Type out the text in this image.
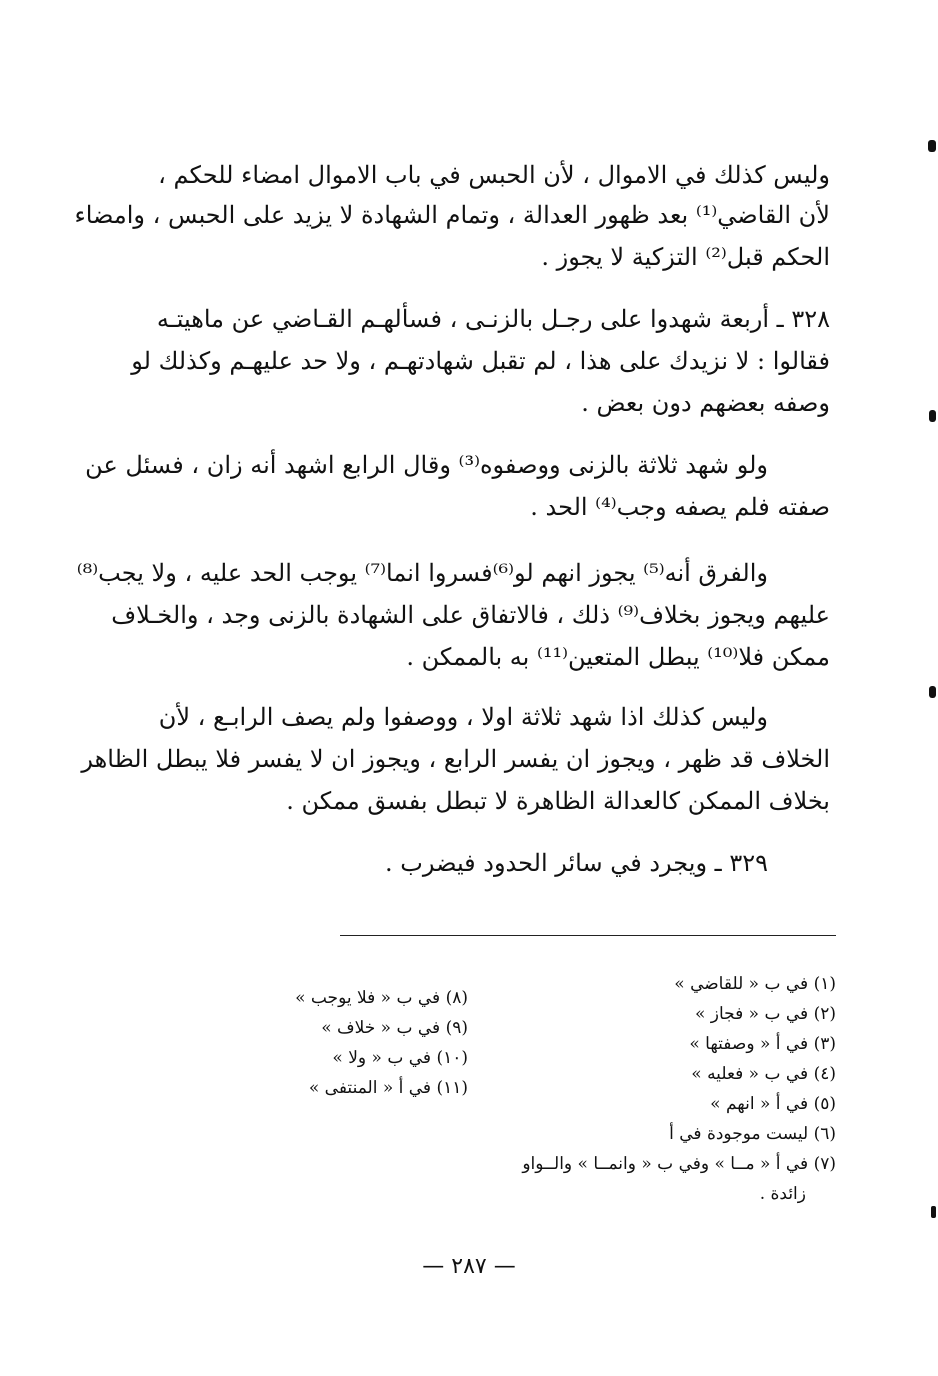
وليس كذلك في الاموال ، لأن الحبس في باب الاموال امضاء للحكم ،
لأن القاضي⁽¹⁾ بعد ظهور العدالة ، وتمام الشهادة لا يزيد على الحبس ، وامضاء
الحكم قبل⁽²⁾ التزكية لا يجوز .
٣٢٨ ـ أربعة شهدوا على رجـل بالزنـى ، فسألهـم القـاضي عن ماهيتـه
فقالوا : لا نزيدك على هذا ، لم تقبل شهادتهـم ، ولا حد عليهـم وكذلك لو
وصفه بعضهم دون بعض .
ولو شهد ثلاثة بالزنى ووصفوه⁽³⁾ وقال الرابع اشهد أنه زان ، فسئل عن
صفته فلم يصفه وجب⁽⁴⁾ الحد .
والفرق أنه⁽⁵⁾ يجوز انهم لو⁽⁶⁾فسروا انما⁽⁷⁾ يوجب الحد عليه ، ولا يجب⁽⁸⁾
عليهم ويجوز بخلاف⁽⁹⁾ ذلك ، فالاتفاق على الشهادة بالزنى وجد ، والخـلاف
ممكن فلا⁽¹⁰⁾ يبطل المتعين⁽¹¹⁾ به بالممكن .
وليس كذلك اذا شهد ثلاثة اولا ، ووصفوا ولم يصف الرابـع ، لأن
الخلاف قد ظهر ، ويجوز ان يفسر الرابع ، ويجوز ان لا يفسر فلا يبطل الظاهر
بخلاف الممكن كالعدالة الظاهرة لا تبطل بفسق ممكن .
٣٢٩ ـ ويجرد في سائر الحدود فيضرب .
(١) في ب « للقاضي »
(٢) في ب « فجاز »
(٣) في أ « وصفتها »
(٤) في ب « فعليه »
(٥) في أ « انهم »
(٦) ليست موجودة في أ
(٧) في أ « مــا » وفي ب « وانمــا » والــواو
زائدة .
(٨) في ب « فلا يوجب »
(٩) في ب « خلاف »
(١٠) في ب « ولا »
(١١) في أ « المنتفى »
— ٢٨٧ —
